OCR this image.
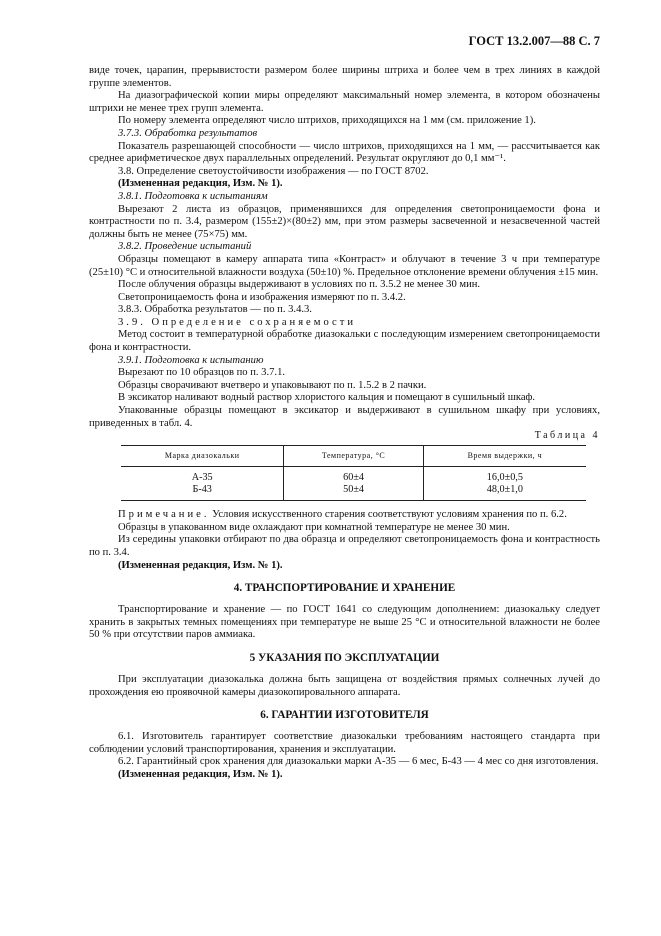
ГОСТ 13.2.007—88 С. 7

виде точек, царапин, прерывистости размером более ширины штриха и более чем в трех линиях в каждой группе элементов.

На диазографической копии миры определяют максимальный номер элемента, в котором обозначены штрихи не менее трех групп элемента.

По номеру элемента определяют число штрихов, приходящихся на 1 мм (см. приложение 1).

3.7.3. Обработка результатов

Показатель разрешающей способности — число штрихов, приходящихся на 1 мм, — рассчитывается как среднее арифметическое двух параллельных определений. Результат округляют до 0,1 мм⁻¹.

3.8. Определение светоустойчивости изображения — по ГОСТ 8702.

(Измененная редакция, Изм. № 1).

3.8.1. Подготовка к испытаниям

Вырезают 2 листа из образцов, применявшихся для определения светопроницаемости фона и контрастности по п. 3.4, размером (155±2)×(80±2) мм, при этом размеры засвеченной и незасвеченной частей должны быть не менее (75×75) мм.

3.8.2. Проведение испытаний

Образцы помещают в камеру аппарата типа «Контраст» и облучают в течение 3 ч при температуре (25±10) °С и относительной влажности воздуха (50±10) %. Предельное отклонение времени облучения ±15 мин.

После облучения образцы выдерживают в условиях по п. 3.5.2 не менее 30 мин.

Светопроницаемость фона и изображения измеряют по п. 3.4.2.

3.8.3. Обработка результатов — по п. 3.4.3.

3.9. Определение сохраняемости

Метод состоит в температурной обработке диазокальки с последующим измерением светопроницаемости фона и контрастности.

3.9.1. Подготовка к испытанию

Вырезают по 10 образцов по п. 3.7.1.

Образцы сворачивают вчетверо и упаковывают по п. 1.5.2 в 2 пачки.

В эксикатор наливают водный раствор хлористого кальция и помещают в сушильный шкаф.

Упакованные образцы помещают в эксикатор и выдерживают в сушильном шкафу при условиях, приведенных в табл. 4.

Таблица 4
Марка диазокальки	Температура, °С	Время выдержки, ч
А-35	60±4	16,0±0,5
Б-43	50±4	48,0±1,0

Примечание. Условия искусственного старения соответствуют условиям хранения по п. 6.2.

Образцы в упакованном виде охлаждают при комнатной температуре не менее 30 мин.

Из середины упаковки отбирают по два образца и определяют светопроницаемость фона и контрастность по п. 3.4.

(Измененная редакция, Изм. № 1).

4. ТРАНСПОРТИРОВАНИЕ И ХРАНЕНИЕ

Транспортирование и хранение — по ГОСТ 1641 со следующим дополнением: диазокальку следует хранить в закрытых темных помещениях при температуре не выше 25 °С и относительной влажности не более 50 % при отсутствии паров аммиака.

5 УКАЗАНИЯ ПО ЭКСПЛУАТАЦИИ

При эксплуатации диазокалька должна быть защищена от воздействия прямых солнечных лучей до прохождения ею проявочной камеры диазокопировального аппарата.

6. ГАРАНТИИ ИЗГОТОВИТЕЛЯ

6.1. Изготовитель гарантирует соответствие диазокальки требованиям настоящего стандарта при соблюдении условий транспортирования, хранения и эксплуатации.

6.2. Гарантийный срок хранения для диазокальки марки А-35 — 6 мес, Б-43 — 4 мес со дня изготовления.

(Измененная редакция, Изм. № 1).
